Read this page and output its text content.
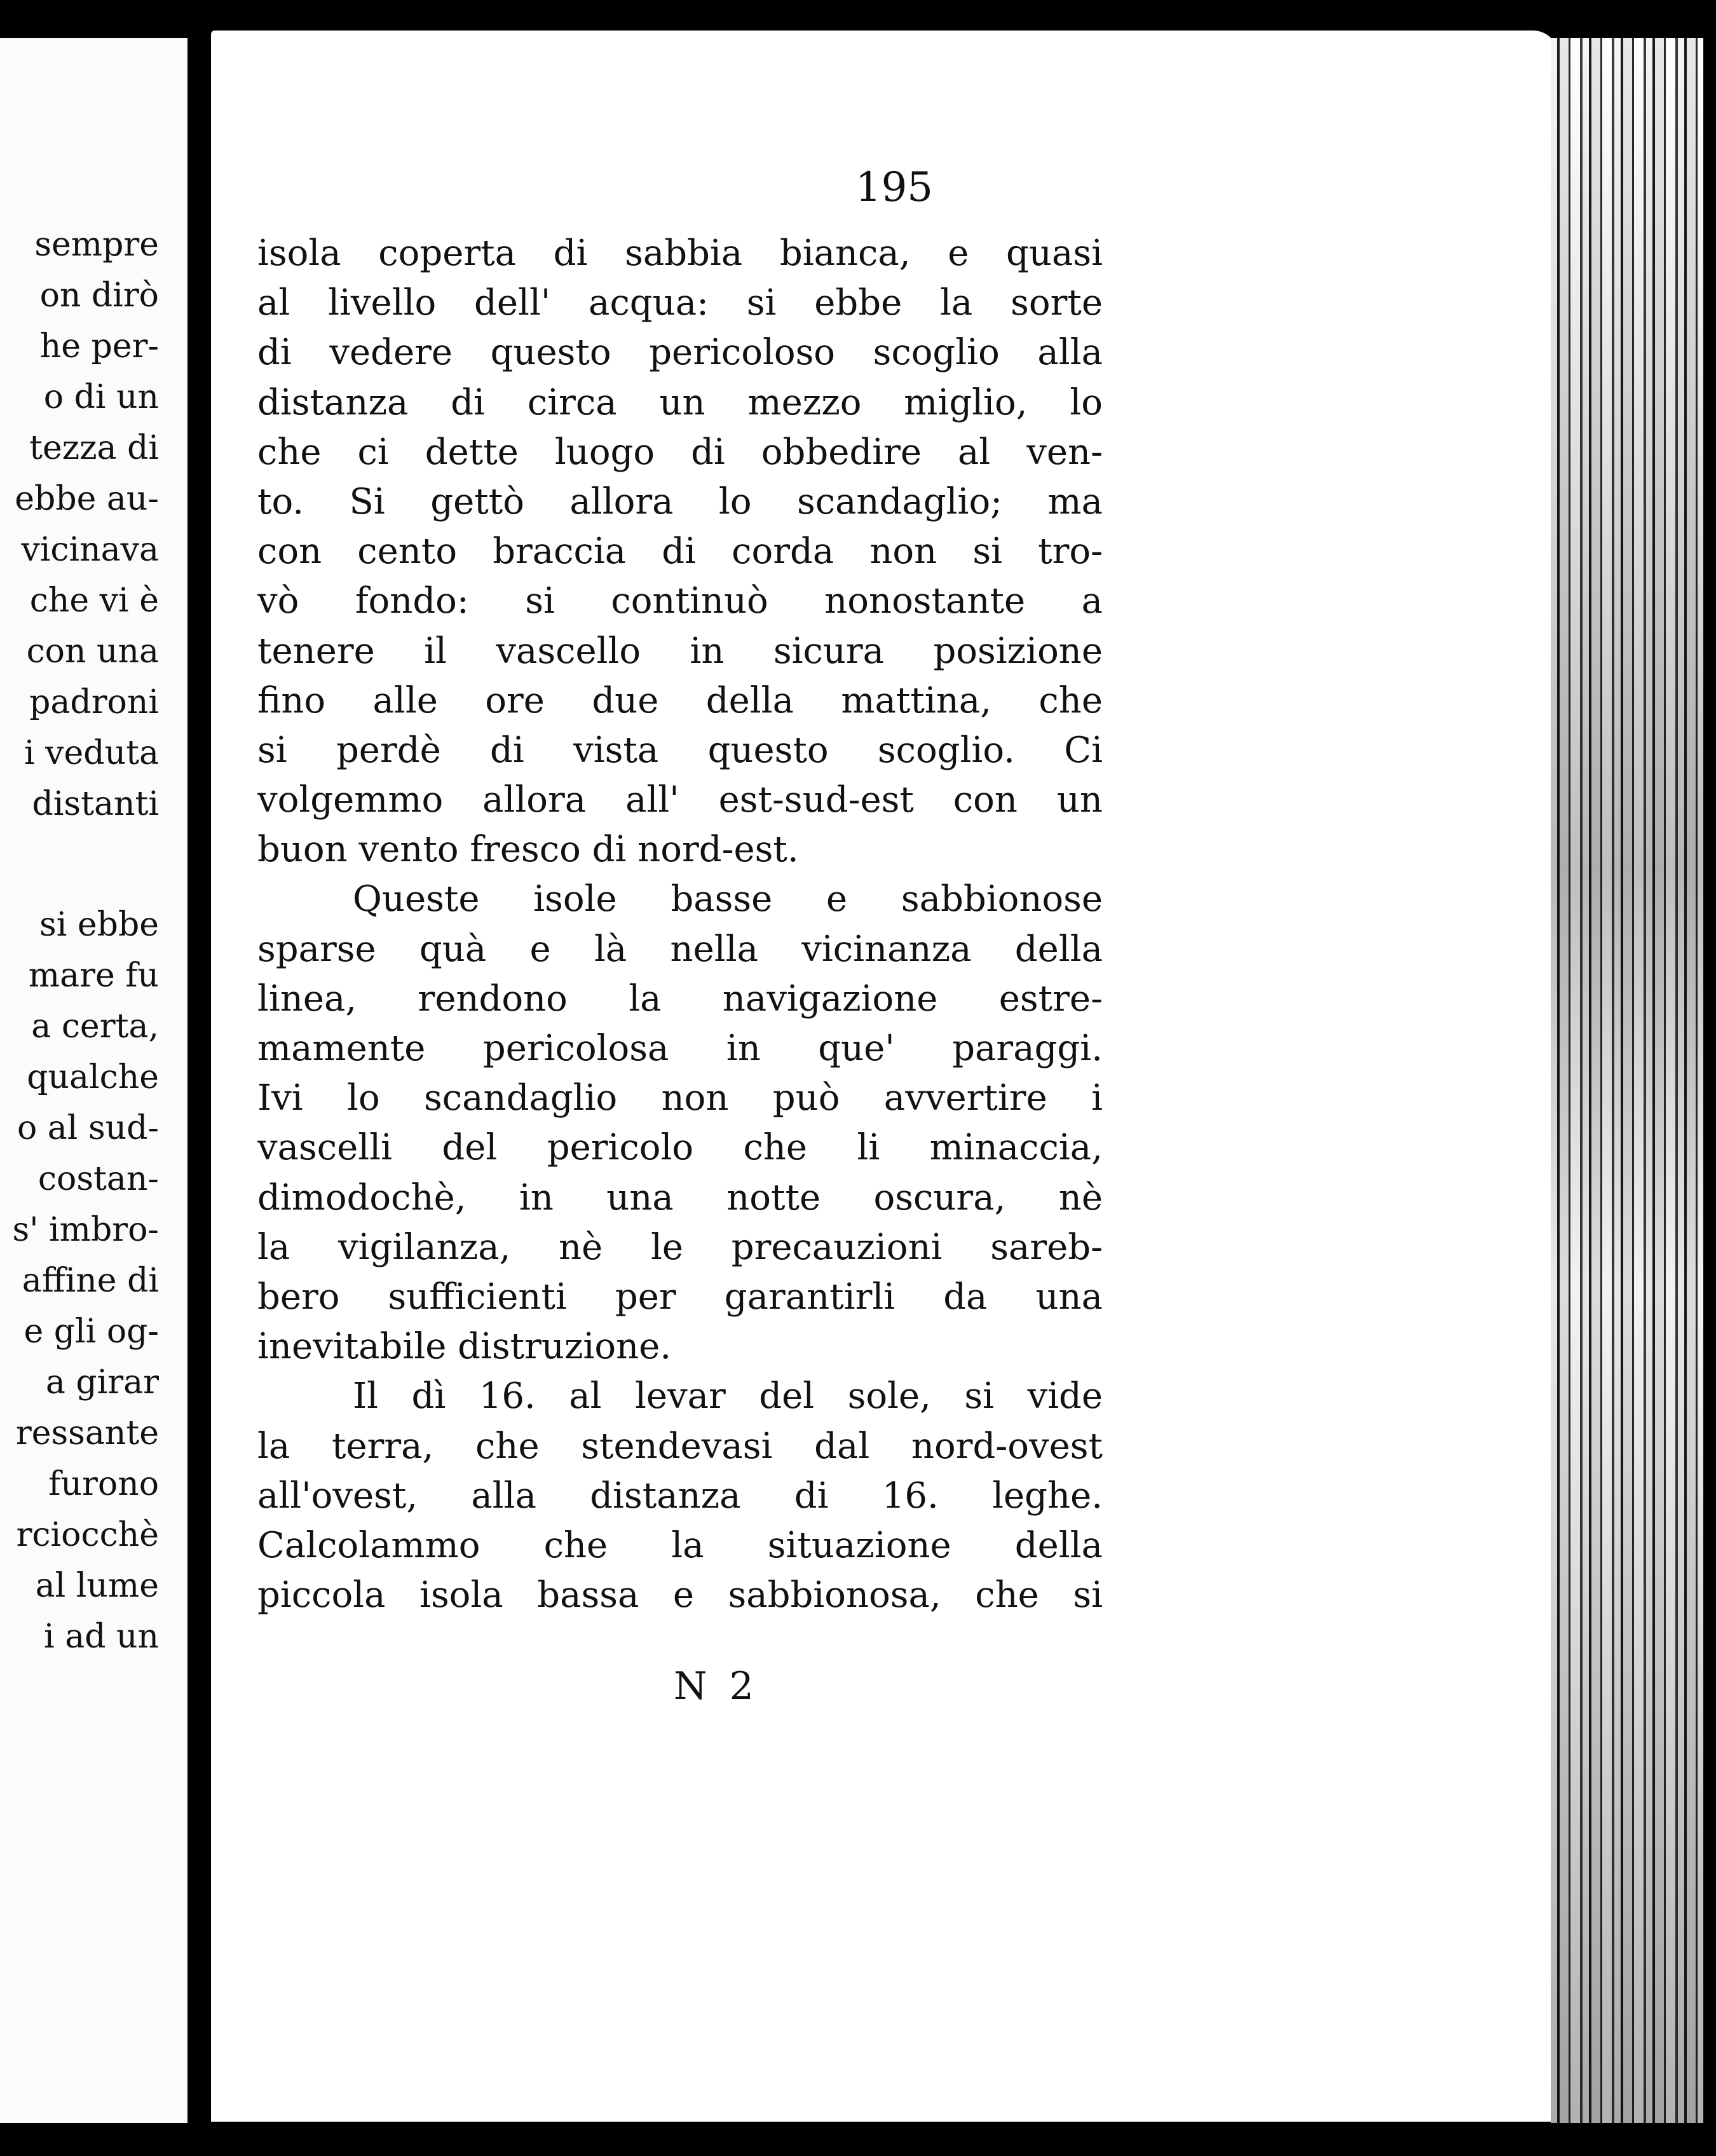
sempre
on dirò
he per-
o di un
tezza di
ebbe au-
vicinava
che vi è
con una
padroni
i veduta
distanti
si ebbe
mare fu
a certa,
qualche
o al sud-
costan-
s' imbro-
affine di
e gli og-
a girar
ressante
furono
rciocchè
al lume
i ad un
195
isola coperta di sabbia bianca, e quasi
al livello dell' acqua: si ebbe la sorte
di vedere questo pericoloso scoglio alla
distanza di circa un mezzo miglio, lo
che ci dette luogo di obbedire al ven-
to. Si gettò allora lo scandaglio; ma
con cento braccia di corda non si tro-
vò fondo: si continuò nonostante a
tenere il vascello in sicura posizione
fino alle ore due della mattina, che
si perdè di vista questo scoglio. Ci
volgemmo allora all' est-sud-est con un
buon vento fresco di nord-est.
Queste isole basse e sabbionose
sparse quà e là nella vicinanza della
linea, rendono la navigazione estre-
mamente pericolosa in que' paraggi.
Ivi lo scandaglio non può avvertire i
vascelli del pericolo che li minaccia,
dimodochè, in una notte oscura, nè
la vigilanza, nè le precauzioni sareb-
bero sufficienti per garantirli da una
inevitabile distruzione.
Il dì 16. al levar del sole, si vide
la terra, che stendevasi dal nord-ovest
all'ovest, alla distanza di 16. leghe.
Calcolammo che la situazione della
piccola isola bassa e sabbionosa, che si
N 2
